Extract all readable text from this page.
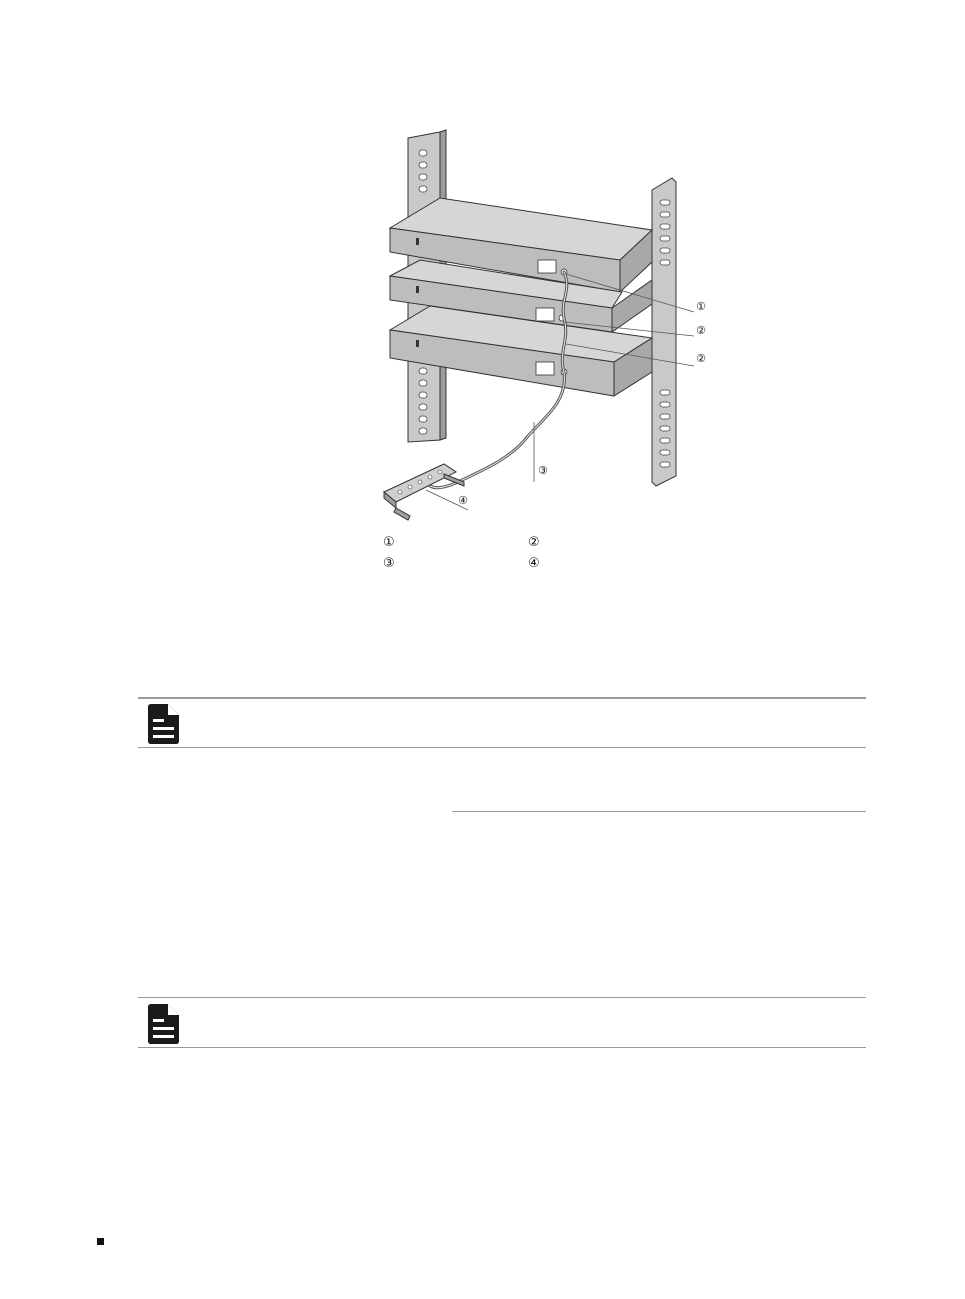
①
②
②
③
④
①	②
③	④
